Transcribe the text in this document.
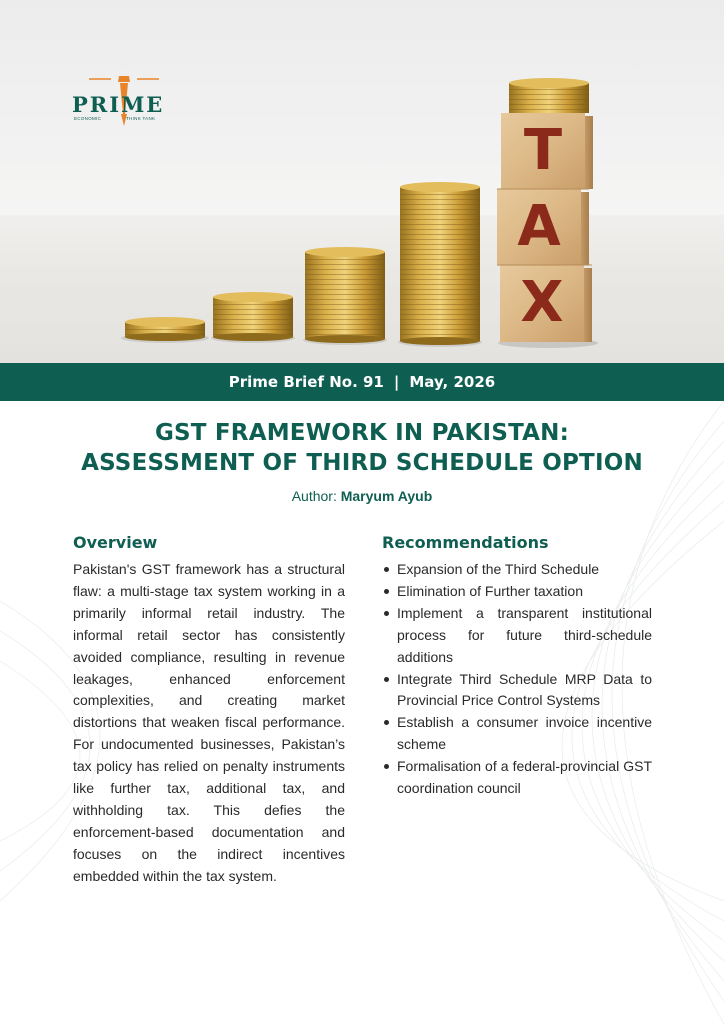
T
A
X
PRIME
ECONOMIC	THINK TANK
Prime Brief No. 91 | May, 2026
GST FRAMEWORK IN PAKISTAN:
ASSESSMENT OF THIRD SCHEDULE OPTION
Author: Maryum Ayub
Overview
Pakistan's GST framework has a structural flaw: a multi-stage tax system working in a primarily informal retail industry. The informal retail sector has consistently avoided compliance, resulting in revenue leakages, enhanced enforcement complexities, and creating market distortions that weaken fiscal performance. For undocumented businesses, Pakistan’s tax policy has relied on penalty instruments like further tax, additional tax, and withholding tax. This defies the enforcement-based documentation and focuses on the indirect incentives embedded within the tax system.
Recommendations
Expansion of the Third Schedule
Elimination of Further taxation
Implement a transparent institutional process for future third-schedule additions
Integrate Third Schedule MRP Data to Provincial Price Control Systems
Establish a consumer invoice incentive scheme
Formalisation of a federal-provincial GST coordination council
